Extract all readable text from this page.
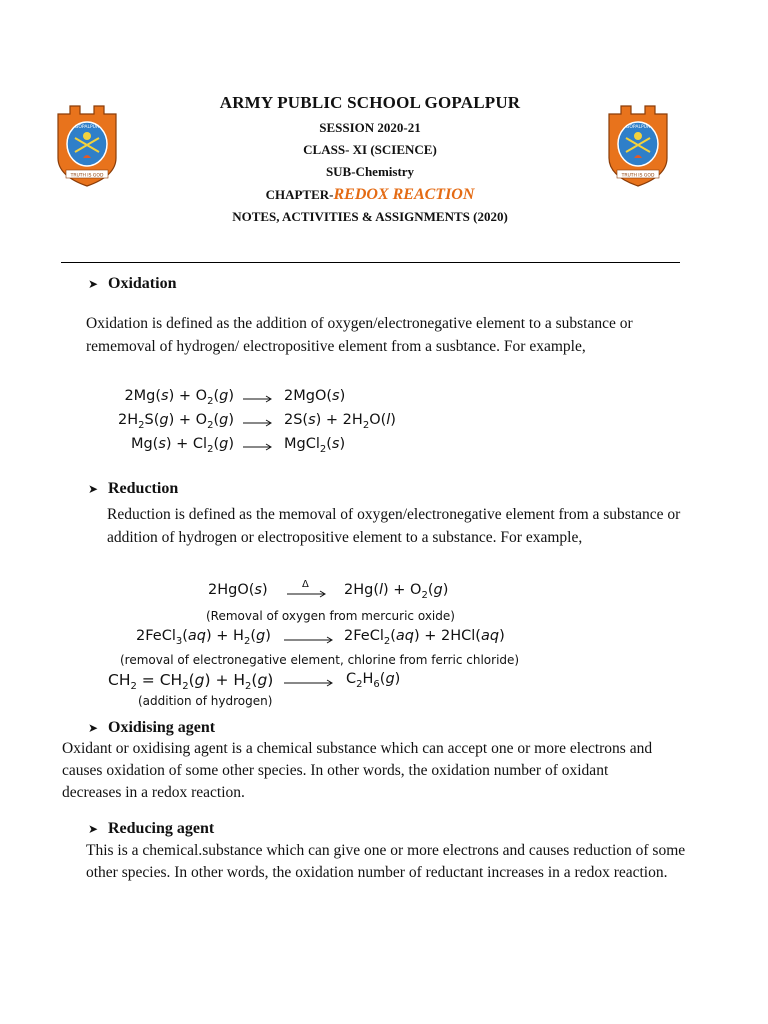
GOPALPUR
TRUTH IS GOD
GOPALPUR
TRUTH IS GOD
ARMY PUBLIC SCHOOL GOPALPUR
SESSION 2020-21
CLASS- XI (SCIENCE)
SUB-Chemistry
CHAPTER-REDOX REACTION
NOTES, ACTIVITIES & ASSIGNMENTS (2020)
➤ Oxidation

Oxidation is defined as the addition of oxygen/electronegative element to a substance or rememoval of hydrogen/ electropositive element from a susbtance. For example,

$2Mg(s) + O_2(g) \to 2MgO(s)$
$2H_2S(g) + O_2(g) \to 2S(s) + 2H_2O(l)$
$Mg(s) + Cl_2(g)$ → MgCl$_2$(s)
➤ Reduction

Reduction is defined as the memoval of oxygen/electronegative element from a substance or addition of hydrogen or electropositive element to a substance. For example,

2HgO(s)	$\Delta \to 2Hg(l) + O_2(g)$
(Removal of oxygen from mercuric oxide)
2FeCl$_3$(aq) + $H_2(g)$ → 2FeCl$_2$(aq) + 2HCl(aq)
(removal of electronegative element, chlorine from ferric chloride)
$CH_2 = CH_2(g) + H_2(g) \to C_2H_6(g)$
(addition of hydrogen)
➤ Oxidising agent

Oxidant or oxidising agent is a chemical substance which can accept one or more electrons and causes oxidation of some other species. In other words, the oxidation number of oxidant decreases in a redox reaction.

➤ Reducing agent

This is a chemical.substance which can give one or more electrons and causes reduction of some other species. In other words, the oxidation number of reductant increases in a redox reaction.
